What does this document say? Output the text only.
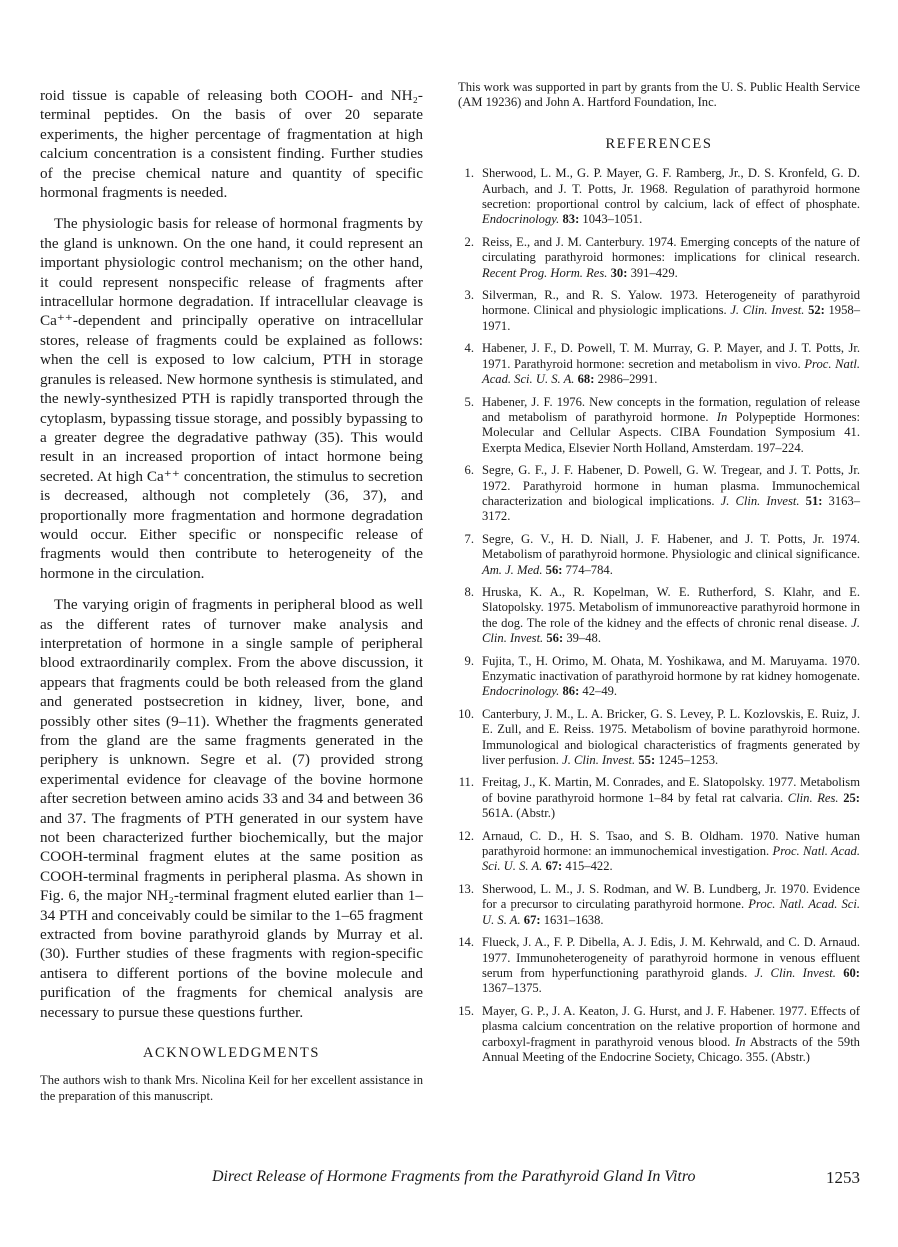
roid tissue is capable of releasing both COOH- and NH₂-terminal peptides. On the basis of over 20 separate experiments, the higher percentage of fragmentation at high calcium concentration is a consistent finding. Further studies of the precise chemical nature and quantity of specific hormonal fragments is needed.

The physiologic basis for release of hormonal fragments by the gland is unknown. On the one hand, it could represent an important physiologic control mechanism; on the other hand, it could represent nonspecific release of fragments after intracellular hormone degradation. If intracellular cleavage is Ca⁺⁺-dependent and principally operative on intracellular stores, release of fragments could be explained as follows: when the cell is exposed to low calcium, PTH in storage granules is released. New hormone synthesis is stimulated, and the newly-synthesized PTH is rapidly transported through the cytoplasm, bypassing tissue storage, and possibly bypassing to a greater degree the degradative pathway (35). This would result in an increased proportion of intact hormone being secreted. At high Ca⁺⁺ concentration, the stimulus to secretion is decreased, although not completely (36, 37), and proportionally more fragmentation and hormone degradation would occur. Either specific or nonspecific release of fragments would then contribute to heterogeneity of the hormone in the circulation.

The varying origin of fragments in peripheral blood as well as the different rates of turnover make analysis and interpretation of hormone in a single sample of peripheral blood extraordinarily complex. From the above discussion, it appears that fragments could be both released from the gland and generated postsecretion in kidney, liver, bone, and possibly other sites (9–11). Whether the fragments generated from the gland are the same fragments generated in the periphery is unknown. Segre et al. (7) provided strong experimental evidence for cleavage of the bovine hormone after secretion between amino acids 33 and 34 and between 36 and 37. The fragments of PTH generated in our system have not been characterized further biochemically, but the major COOH-terminal fragment elutes at the same position as COOH-terminal fragments in peripheral plasma. As shown in Fig. 6, the major NH₂-terminal fragment eluted earlier than 1–34 PTH and conceivably could be similar to the 1–65 fragment extracted from bovine parathyroid glands by Murray et al. (30). Further studies of these fragments with region-specific antisera to different portions of the bovine molecule and purification of the fragments for chemical analysis are necessary to pursue these questions further.

ACKNOWLEDGMENTS

The authors wish to thank Mrs. Nicolina Keil for her excellent assistance in the preparation of this manuscript.

This work was supported in part by grants from the U. S. Public Health Service (AM 19236) and John A. Hartford Foundation, Inc.

REFERENCES
1. Sherwood, L. M., G. P. Mayer, G. F. Ramberg, Jr., D. S. Kronfeld, G. D. Aurbach, and J. T. Potts, Jr. 1968. Regulation of parathyroid hormone secretion: proportional control by calcium, lack of effect of phosphate. Endocrinology. 83: 1043–1051.
2. Reiss, E., and J. M. Canterbury. 1974. Emerging concepts of the nature of circulating parathyroid hormones: implications for clinical research. Recent Prog. Horm. Res. 30: 391–429.
3. Silverman, R., and R. S. Yalow. 1973. Heterogeneity of parathyroid hormone. Clinical and physiologic implications. J. Clin. Invest. 52: 1958–1971.
4. Habener, J. F., D. Powell, T. M. Murray, G. P. Mayer, and J. T. Potts, Jr. 1971. Parathyroid hormone: secretion and metabolism in vivo. Proc. Natl. Acad. Sci. U. S. A. 68: 2986–2991.
5. Habener, J. F. 1976. New concepts in the formation, regulation of release and metabolism of parathyroid hormone. In Polypeptide Hormones: Molecular and Cellular Aspects. CIBA Foundation Symposium 41. Exerpta Medica, Elsevier North Holland, Amsterdam. 197–224.
6. Segre, G. F., J. F. Habener, D. Powell, G. W. Tregear, and J. T. Potts, Jr. 1972. Parathyroid hormone in human plasma. Immunochemical characterization and biological implications. J. Clin. Invest. 51: 3163–3172.
7. Segre, G. V., H. D. Niall, J. F. Habener, and J. T. Potts, Jr. 1974. Metabolism of parathyroid hormone. Physiologic and clinical significance. Am. J. Med. 56: 774–784.
8. Hruska, K. A., R. Kopelman, W. E. Rutherford, S. Klahr, and E. Slatopolsky. 1975. Metabolism of immunoreactive parathyroid hormone in the dog. The role of the kidney and the effects of chronic renal disease. J. Clin. Invest. 56: 39–48.
9. Fujita, T., H. Orimo, M. Ohata, M. Yoshikawa, and M. Maruyama. 1970. Enzymatic inactivation of parathyroid hormone by rat kidney homogenate. Endocrinology. 86: 42–49.
10. Canterbury, J. M., L. A. Bricker, G. S. Levey, P. L. Kozlovskis, E. Ruiz, J. E. Zull, and E. Reiss. 1975. Metabolism of bovine parathyroid hormone. Immunological and biological characteristics of fragments generated by liver perfusion. J. Clin. Invest. 55: 1245–1253.
11. Freitag, J., K. Martin, M. Conrades, and E. Slatopolsky. 1977. Metabolism of bovine parathyroid hormone 1–84 by fetal rat calvaria. Clin. Res. 25: 561A. (Abstr.)
12. Arnaud, C. D., H. S. Tsao, and S. B. Oldham. 1970. Native human parathyroid hormone: an immunochemical investigation. Proc. Natl. Acad. Sci. U. S. A. 67: 415–422.
13. Sherwood, L. M., J. S. Rodman, and W. B. Lundberg, Jr. 1970. Evidence for a precursor to circulating parathyroid hormone. Proc. Natl. Acad. Sci. U. S. A. 67: 1631–1638.
14. Flueck, J. A., F. P. Dibella, A. J. Edis, J. M. Kehrwald, and C. D. Arnaud. 1977. Immunoheterogeneity of parathyroid hormone in venous effluent serum from hyperfunctioning parathyroid glands. J. Clin. Invest. 60: 1367–1375.
15. Mayer, G. P., J. A. Keaton, J. G. Hurst, and J. F. Habener. 1977. Effects of plasma calcium concentration on the relative proportion of hormone and carboxyl-fragment in parathyroid venous blood. In Abstracts of the 59th Annual Meeting of the Endocrine Society, Chicago. 355. (Abstr.)
Direct Release of Hormone Fragments from the Parathyroid Gland In Vitro	1253
